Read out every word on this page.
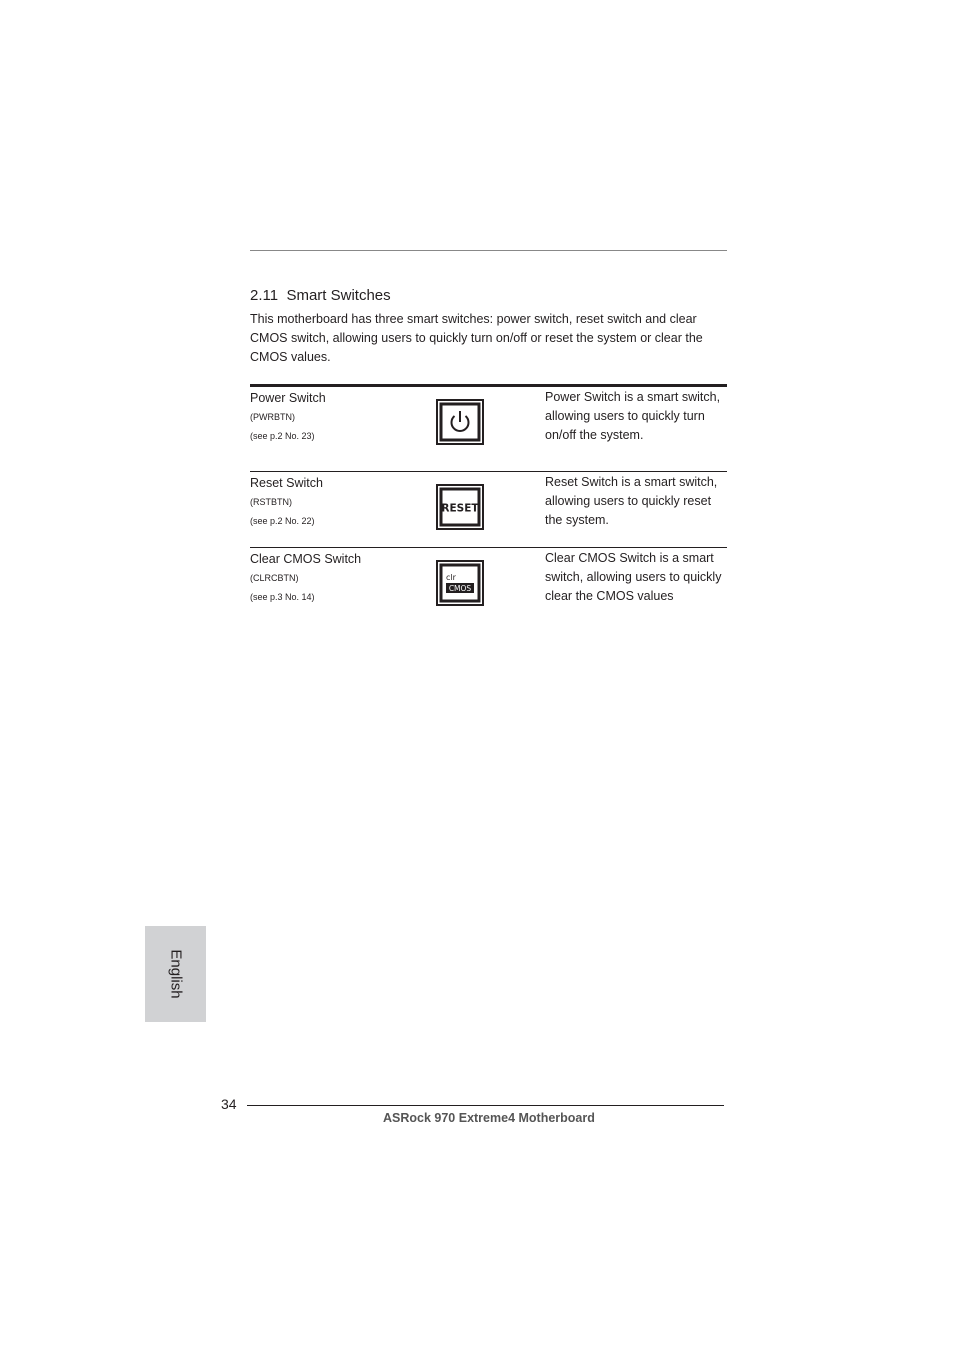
2.11 Smart Switches
This motherboard has three smart switches: power switch, reset switch and clear CMOS switch, allowing users to quickly turn on/off or reset the system or clear the CMOS values.
Power Switch
(PWRBTN)
(see p.2 No. 23)
Power Switch is a smart switch, allowing users to quickly turn on/off the system.
Reset Switch
(RSTBTN)
(see p.2 No. 22)
RESET
Reset Switch is a smart switch, allowing users to quickly reset the system.
Clear CMOS Switch
(CLRCBTN)
(see p.3 No. 14)
clr
CMOS
Clear CMOS Switch is a smart switch, allowing users to quickly clear the CMOS values
English
34
ASRock 970 Extreme4 Motherboard
